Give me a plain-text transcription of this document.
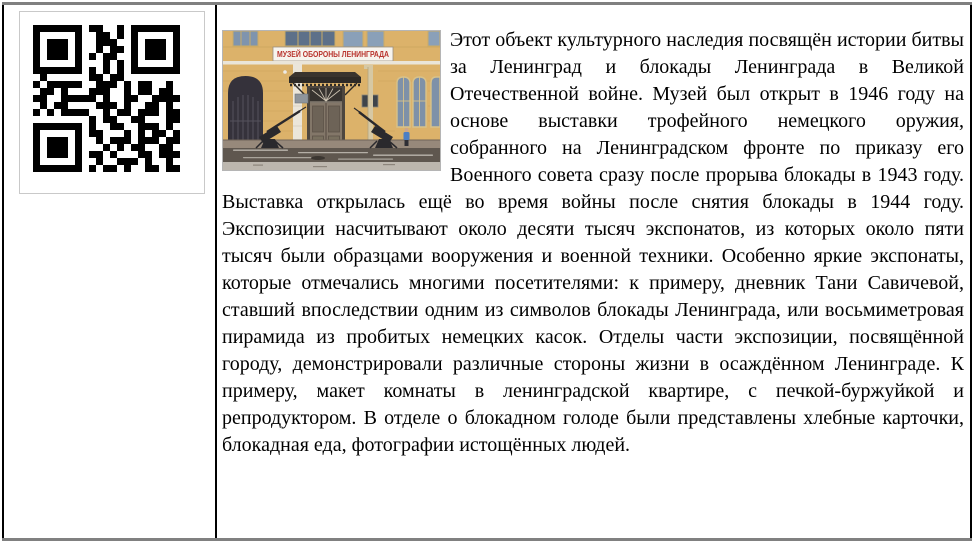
МУЗЕЙ ОБОРОНЫ ЛЕНИНГРАДА
Этот объект культурного наследия посвящён истории битвы за Ленинград и блокады Ленинграда в Великой Отечественной войне. Музей был открыт в 1946 году на основе выставки трофейного немецкого оружия, собранного на Ленинградском фронте по приказу его Военного совета сразу после прорыва блокады в 1943 году. Выставка открылась ещё во время войны после снятия блокады в 1944 году. Экспозиции насчитывают около десяти тысяч экспонатов, из которых около пяти тысяч были образцами вооружения и военной техники. Особенно яркие экспонаты, которые отмечались многими посетителями: к примеру, дневник Тани Савичевой, ставший впоследствии одним из символов блокады Ленинграда, или восьмиметровая пирамида из пробитых немецких касок. Отделы части экспозиции, посвящённой городу, демонстрировали различные стороны жизни в осаждённом Ленинграде. К примеру, макет комнаты в ленинградской квартире, с печкой-буржуйкой и репродуктором. В отделе о блокадном голоде были представлены хлебные карточки, блокадная еда, фотографии истощённых людей.
